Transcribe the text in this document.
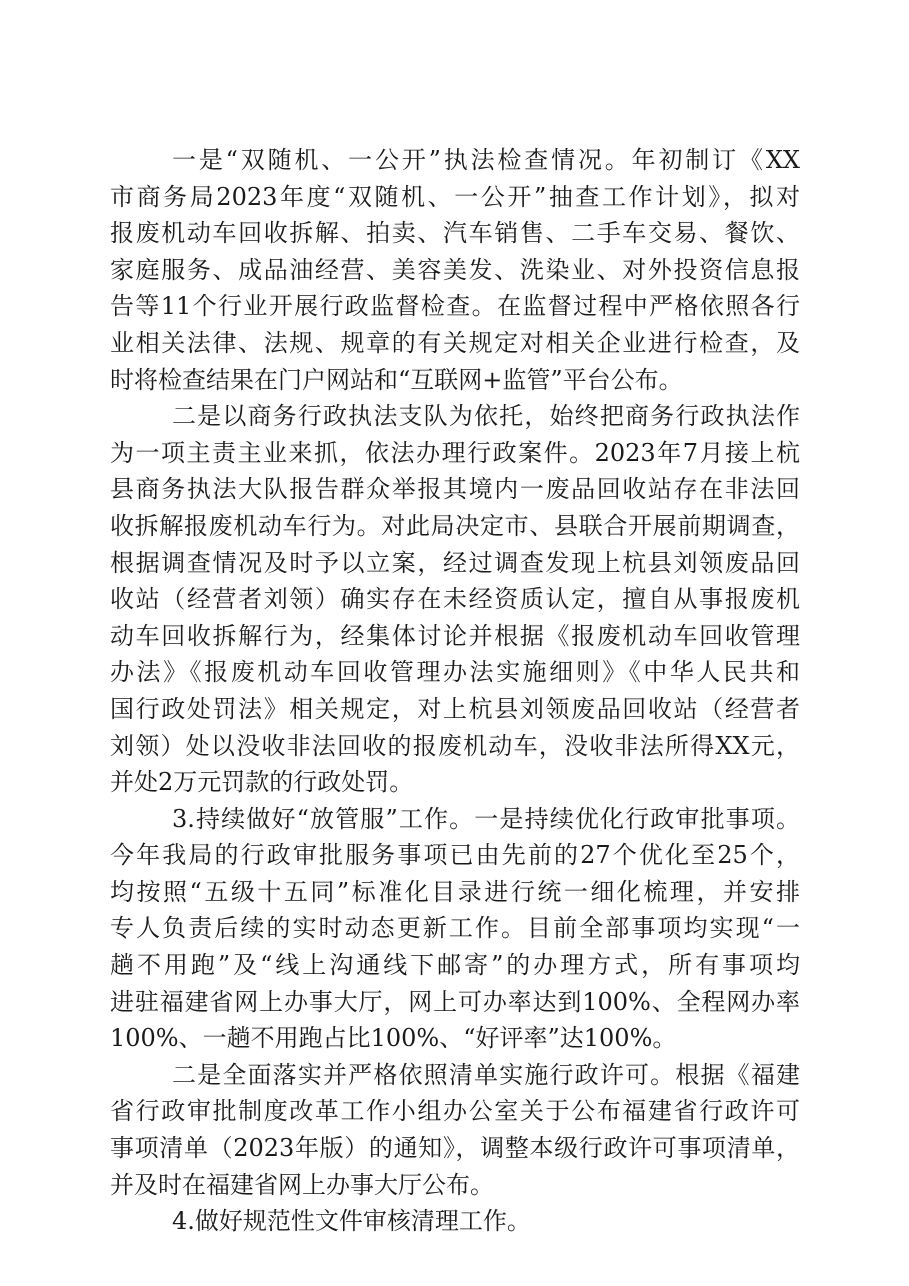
一是“双随机、一公开”执法检查情况。年初制订《XX
市商务局2023年度“双随机、一公开”抽查工作计划》，拟对
报废机动车回收拆解、拍卖、汽车销售、二手车交易、餐饮、
家庭服务、成品油经营、美容美发、洗染业、对外投资信息报
告等11个行业开展行政监督检查。在监督过程中严格依照各行
业相关法律、法规、规章的有关规定对相关企业进行检查，及
时将检查结果在门户网站和“互联网+监管”平台公布。
二是以商务行政执法支队为依托，始终把商务行政执法作
为一项主责主业来抓，依法办理行政案件。2023年7月接上杭
县商务执法大队报告群众举报其境内一废品回收站存在非法回
收拆解报废机动车行为。对此局决定市、县联合开展前期调查，
根据调查情况及时予以立案，经过调查发现上杭县刘领废品回
收站（经营者刘领）确实存在未经资质认定，擅自从事报废机
动车回收拆解行为，经集体讨论并根据《报废机动车回收管理
办法》《报废机动车回收管理办法实施细则》《中华人民共和
国行政处罚法》相关规定，对上杭县刘领废品回收站（经营者
刘领）处以没收非法回收的报废机动车，没收非法所得XX元，
并处2万元罚款的行政处罚。
3.持续做好“放管服”工作。一是持续优化行政审批事项。
今年我局的行政审批服务事项已由先前的27个优化至25个，
均按照“五级十五同”标准化目录进行统一细化梳理，并安排
专人负责后续的实时动态更新工作。目前全部事项均实现“一
趟不用跑”及“线上沟通线下邮寄”的办理方式，所有事项均
进驻福建省网上办事大厅，网上可办率达到100%、全程网办率
100%、一趟不用跑占比100%、“好评率”达100%。
二是全面落实并严格依照清单实施行政许可。根据《福建
省行政审批制度改革工作小组办公室关于公布福建省行政许可
事项清单（2023年版）的通知》，调整本级行政许可事项清单，
并及时在福建省网上办事大厅公布。
4.做好规范性文件审核清理工作。
